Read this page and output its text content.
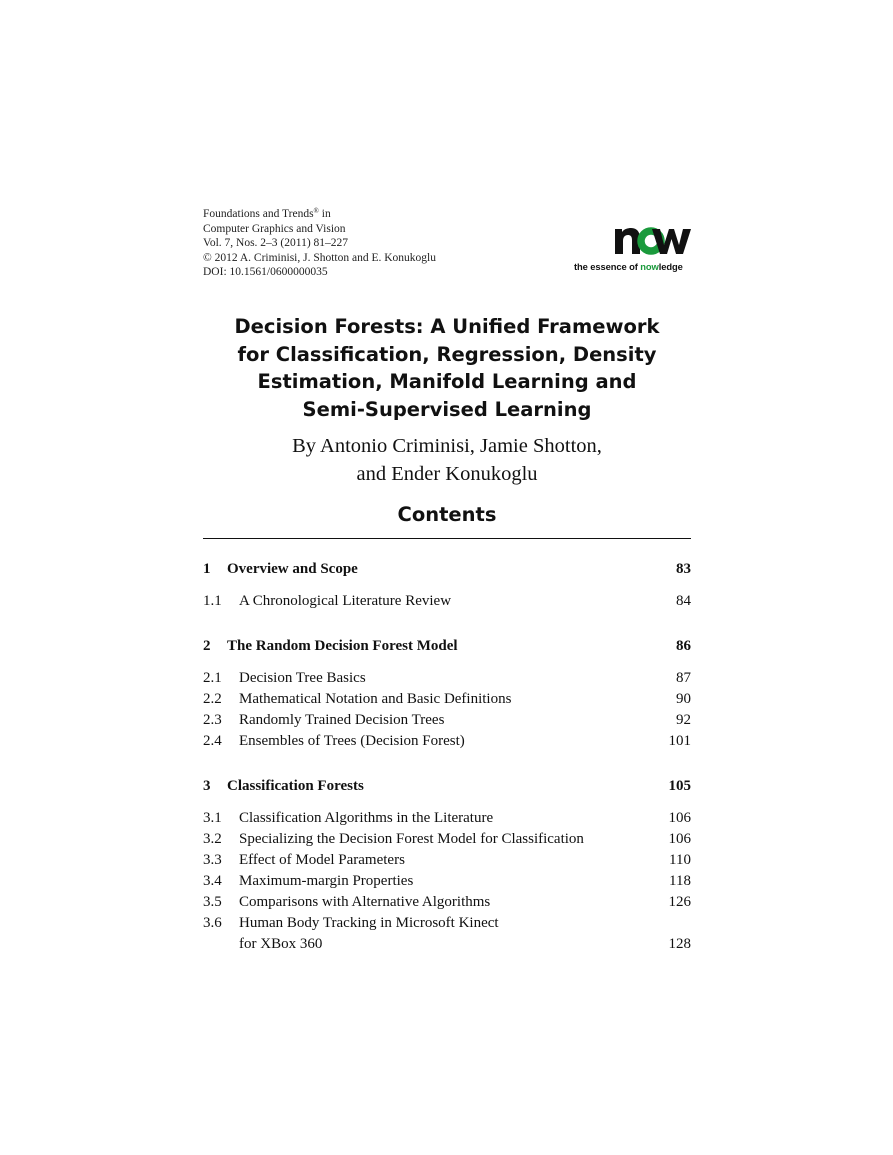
Foundations and Trends® in
Computer Graphics and Vision
Vol. 7, Nos. 2–3 (2011) 81–227
© 2012 A. Criminisi, J. Shotton and E. Konukoglu
DOI: 10.1561/0600000035	the essence of nowledge
Decision Forests: A Unified Framework
for Classification, Regression, Density
Estimation, Manifold Learning and
Semi-Supervised Learning
By Antonio Criminisi, Jamie Shotton,
and Ender Konukoglu
Contents
1	Overview and Scope	83
1.1	A Chronological Literature Review	84
2	The Random Decision Forest Model	86
2.1	Decision Tree Basics	87
2.2	Mathematical Notation and Basic Definitions	90
2.3	Randomly Trained Decision Trees	92
2.4	Ensembles of Trees (Decision Forest)	101
3	Classification Forests	105
3.1	Classification Algorithms in the Literature	106
3.2	Specializing the Decision Forest Model for Classification	106
3.3	Effect of Model Parameters	110
3.4	Maximum-margin Properties	118
3.5	Comparisons with Alternative Algorithms	126
3.6	Human Body Tracking in Microsoft Kinect
for XBox 360	128
